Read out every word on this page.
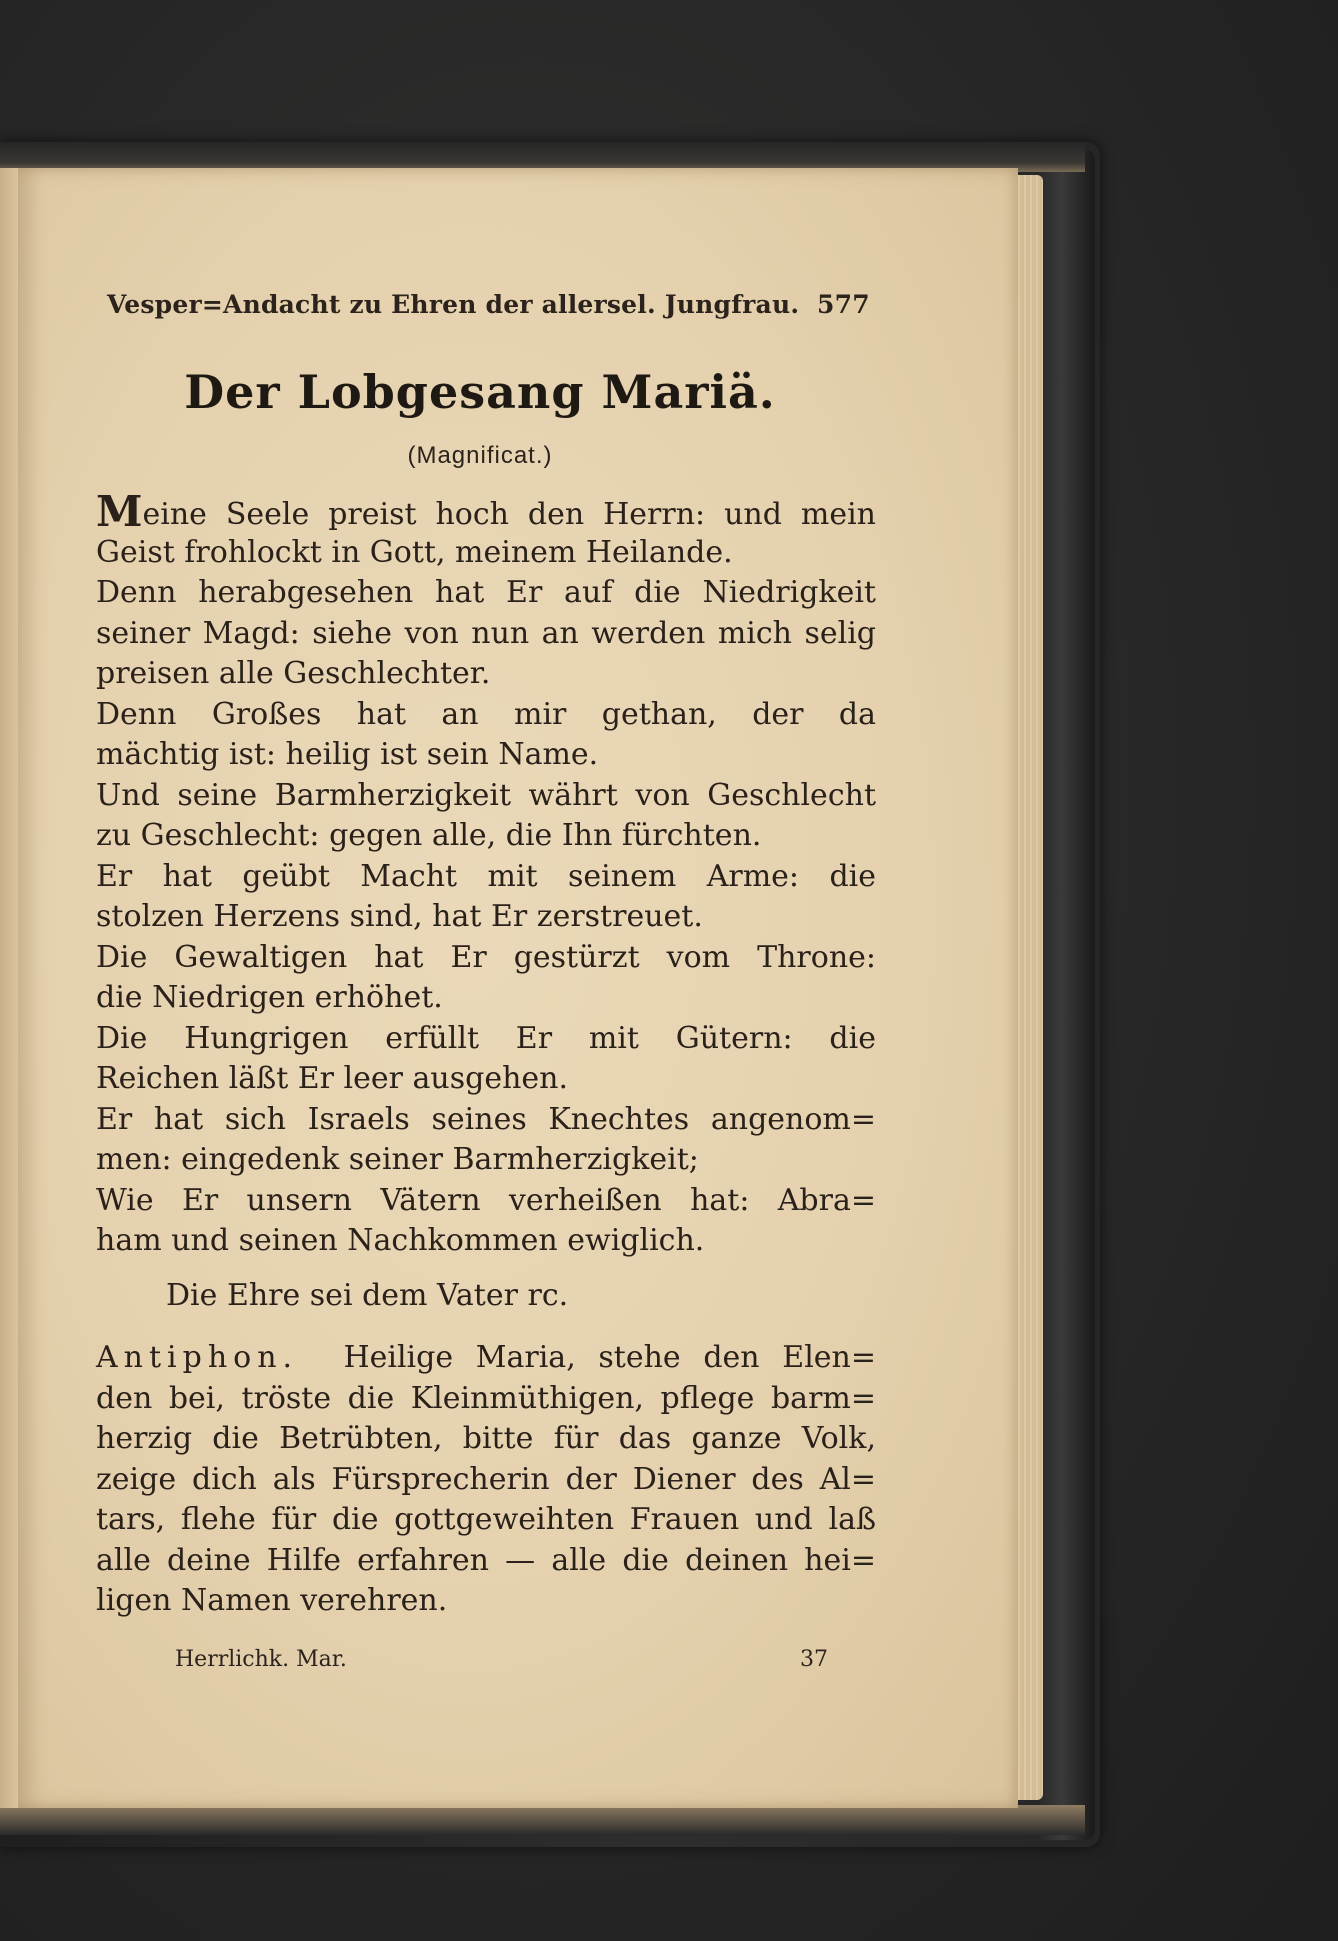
Vesper=Andacht zu Ehren der allersel. Jungfrau. 577
Der Lobgesang Mariä.
(Magnificat.)
Meine Seele preist hoch den Herrn: und mein
Geist frohlockt in Gott, meinem Heilande.
Denn herabgesehen hat Er auf die Niedrigkeit
seiner Magd: siehe von nun an werden mich selig
preisen alle Geschlechter.
Denn Großes hat an mir gethan, der da
mächtig ist: heilig ist sein Name.
Und seine Barmherzigkeit währt von Geschlecht
zu Geschlecht: gegen alle, die Ihn fürchten.
Er hat geübt Macht mit seinem Arme: die
stolzen Herzens sind, hat Er zerstreuet.
Die Gewaltigen hat Er gestürzt vom Throne:
die Niedrigen erhöhet.
Die Hungrigen erfüllt Er mit Gütern: die
Reichen läßt Er leer ausgehen.
Er hat sich Israels seines Knechtes angenom=
men: eingedenk seiner Barmherzigkeit;
Wie Er unsern Vätern verheißen hat: Abra=
ham und seinen Nachkommen ewiglich.
Die Ehre sei dem Vater rc.
Antiphon. Heilige Maria, stehe den Elen=
den bei, tröste die Kleinmüthigen, pflege barm=
herzig die Betrübten, bitte für das ganze Volk,
zeige dich als Fürsprecherin der Diener des Al=
tars, flehe für die gottgeweihten Frauen und laß
alle deine Hilfe erfahren — alle die deinen hei=
ligen Namen verehren.
Herrlichk. Mar.	37
